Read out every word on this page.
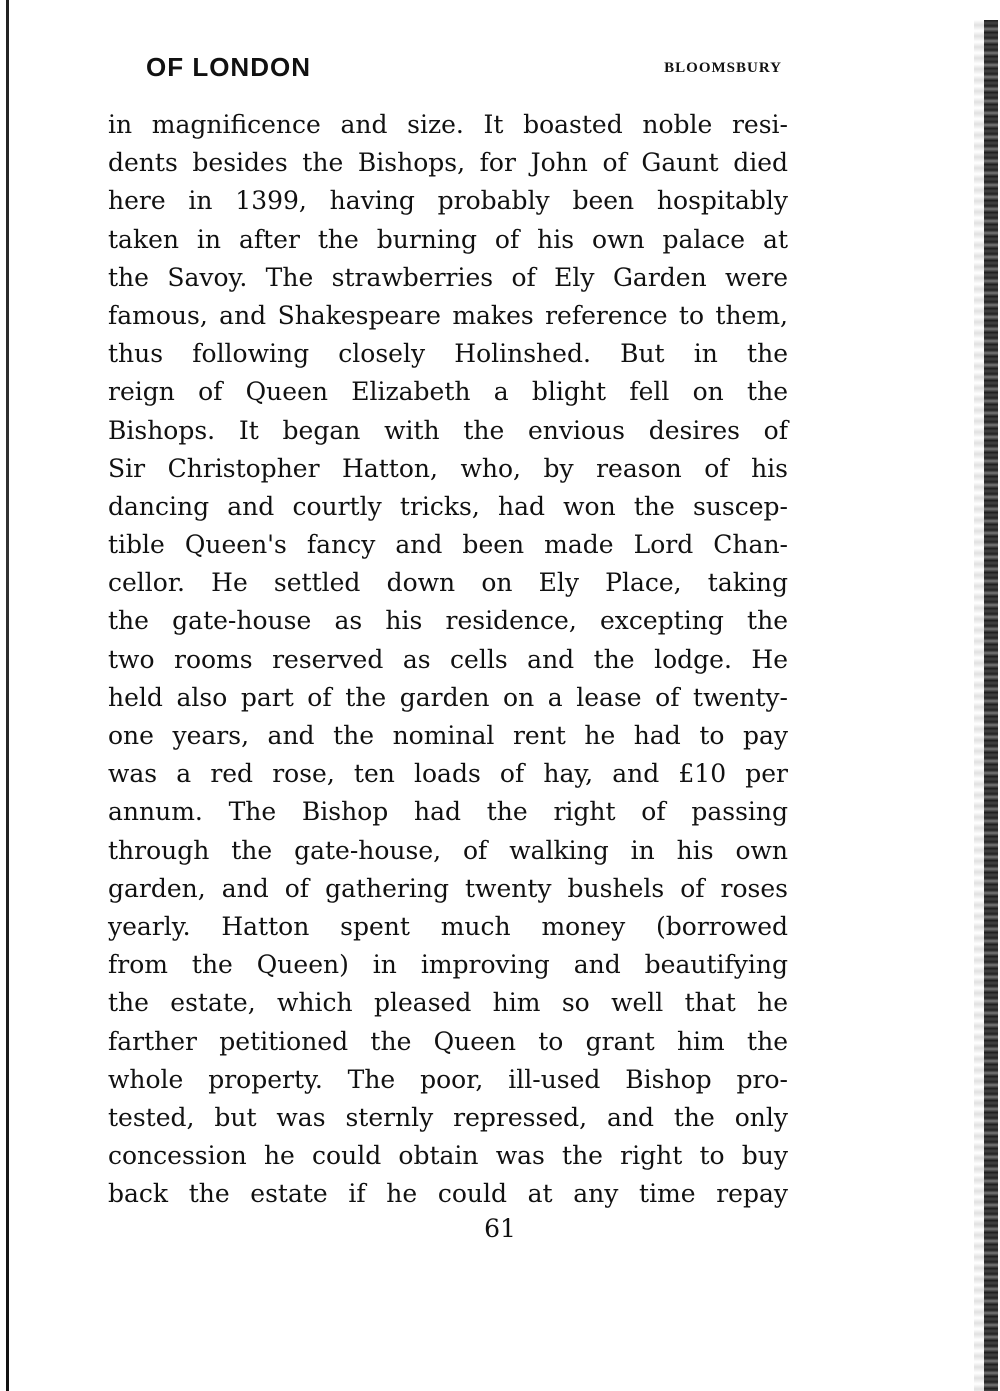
OF LONDON	BLOOMSBURY
in magnificence and size. It boasted noble resi-
dents besides the Bishops, for John of Gaunt died
here in 1399, having probably been hospitably
taken in after the burning of his own palace at
the Savoy. The strawberries of Ely Garden were
famous, and Shakespeare makes reference to them,
thus following closely Holinshed. But in the
reign of Queen Elizabeth a blight fell on the
Bishops. It began with the envious desires of
Sir Christopher Hatton, who, by reason of his
dancing and courtly tricks, had won the suscep-
tible Queen's fancy and been made Lord Chan-
cellor. He settled down on Ely Place, taking
the gate-house as his residence, excepting the
two rooms reserved as cells and the lodge. He
held also part of the garden on a lease of twenty-
one years, and the nominal rent he had to pay
was a red rose, ten loads of hay, and £10 per
annum. The Bishop had the right of passing
through the gate-house, of walking in his own
garden, and of gathering twenty bushels of roses
yearly. Hatton spent much money (borrowed
from the Queen) in improving and beautifying
the estate, which pleased him so well that he
farther petitioned the Queen to grant him the
whole property. The poor, ill-used Bishop pro-
tested, but was sternly repressed, and the only
concession he could obtain was the right to buy
back the estate if he could at any time repay
61
